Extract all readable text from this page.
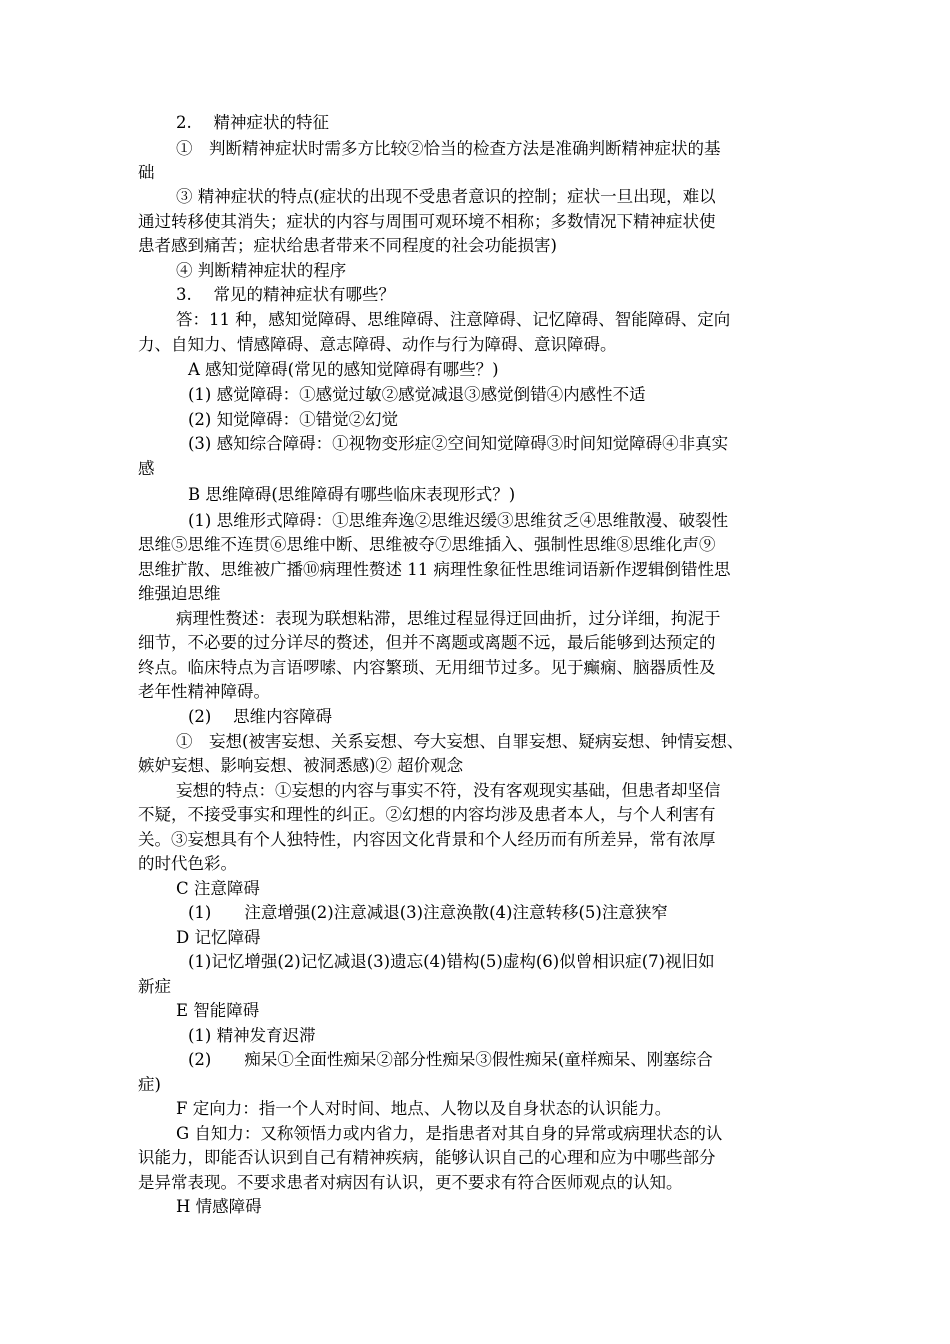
2.　 精神症状的特征
①　判断精神症状时需多方比较②恰当的检查方法是准确判断精神症状的基
础
③ 精神症状的特点(症状的出现不受患者意识的控制；症状一旦出现，难以
通过转移使其消失；症状的内容与周围可观环境不相称；多数情况下精神症状使
患者感到痛苦；症状给患者带来不同程度的社会功能损害)
④ 判断精神症状的程序
3.　 常见的精神症状有哪些？
答：11 种，感知觉障碍、思维障碍、注意障碍、记忆障碍、智能障碍、定向
力、自知力、情感障碍、意志障碍、动作与行为障碍、意识障碍。
A 感知觉障碍(常见的感知觉障碍有哪些？)
(1) 感觉障碍：①感觉过敏②感觉减退③感觉倒错④内感性不适
(2) 知觉障碍：①错觉②幻觉
(3) 感知综合障碍：①视物变形症②空间知觉障碍③时间知觉障碍④非真实
感
B 思维障碍(思维障碍有哪些临床表现形式？)
(1) 思维形式障碍：①思维奔逸②思维迟缓③思维贫乏④思维散漫、破裂性
思维⑤思维不连贯⑥思维中断、思维被夺⑦思维插入、强制性思维⑧思维化声⑨
思维扩散、思维被广播⑩病理性赘述 11 病理性象征性思维词语新作逻辑倒错性思
维强迫思维
病理性赘述：表现为联想粘滞，思维过程显得迂回曲折，过分详细，拘泥于
细节，不必要的过分详尽的赘述，但并不离题或离题不远，最后能够到达预定的
终点。临床特点为言语啰嗦、内容繁琐、无用细节过多。见于癫痫、脑器质性及
老年性精神障碍。
(2)　 思维内容障碍
①　妄想(被害妄想、关系妄想、夸大妄想、自罪妄想、疑病妄想、钟情妄想、
嫉妒妄想、影响妄想、被洞悉感)② 超价观念
妄想的特点：①妄想的内容与事实不符，没有客观现实基础，但患者却坚信
不疑，不接受事实和理性的纠正。②幻想的内容均涉及患者本人，与个人利害有
关。③妄想具有个人独特性，内容因文化背景和个人经历而有所差异，常有浓厚
的时代色彩。
C 注意障碍
(1)　　注意增强(2)注意减退(3)注意涣散(4)注意转移(5)注意狭窄
D 记忆障碍
(1)记忆增强(2)记忆减退(3)遗忘(4)错构(5)虚构(6)似曾相识症(7)视旧如
新症
E 智能障碍
(1) 精神发育迟滞
(2)　　痴呆①全面性痴呆②部分性痴呆③假性痴呆(童样痴呆、刚塞综合
症)
F 定向力：指一个人对时间、地点、人物以及自身状态的认识能力。
G 自知力：又称领悟力或内省力，是指患者对其自身的异常或病理状态的认
识能力，即能否认识到自己有精神疾病，能够认识自己的心理和应为中哪些部分
是异常表现。不要求患者对病因有认识，更不要求有符合医师观点的认知。
H 情感障碍
